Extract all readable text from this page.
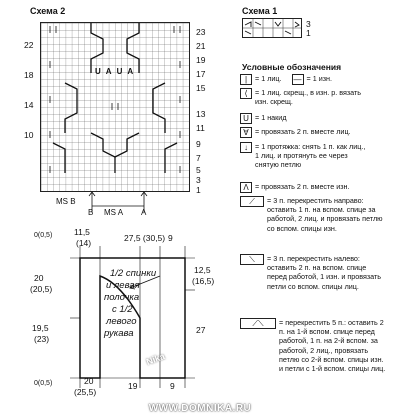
Схема 2
UAUA
22
18
14
10
23
21
19
17
15
13
11
9
7
5
3
1
MS B
B MS A A
Схема 1
3
1
Условные обозначения
| = 1 лиц. — = 1 изн.
⟨ = 1 лиц. скрещ., в изн. р. вязать изн. скрещ.
U = 1 накид
∀ = провязать 2 п. вместе лиц.
↓ = 1 протяжка: снять 1 п. как лиц., 1 лиц. и протянуть ее через снятую петлю
Λ = провязать 2 п. вместе изн.
⟋ = 3 п. перекрестить направо: оставить 1 п. на вспом. спице за работой, 2 лиц. и провязать петлю со вспом. спицы изн.
⟍ = 3 п. перекрестить налево: оставить 2 п. на вспом. спице перед работой, 1 изн. и провязать петли со вспом. спицы лиц.
⟋⟍ = перекрестить 5 п.: оставить 2 п. на 1-й вспом. спице перед работой, 1 п. на 2-й вспом. за работой, 2 лиц., провязать петлю со 2-й вспом. спицы изн. и петли с 1-й вспом. спицы лиц.
0(0,5)	11,5
(14)	27,5 (30,5) 9
20
(20,5)
19,5
(23)
12,5
(16,5)
27
0(0,5)	20
(25,5)
19	9
1/2 спинки
и левая
полочка
с 1/2
левого
рукава
Nika
WWW.DOMNIKA.RU
